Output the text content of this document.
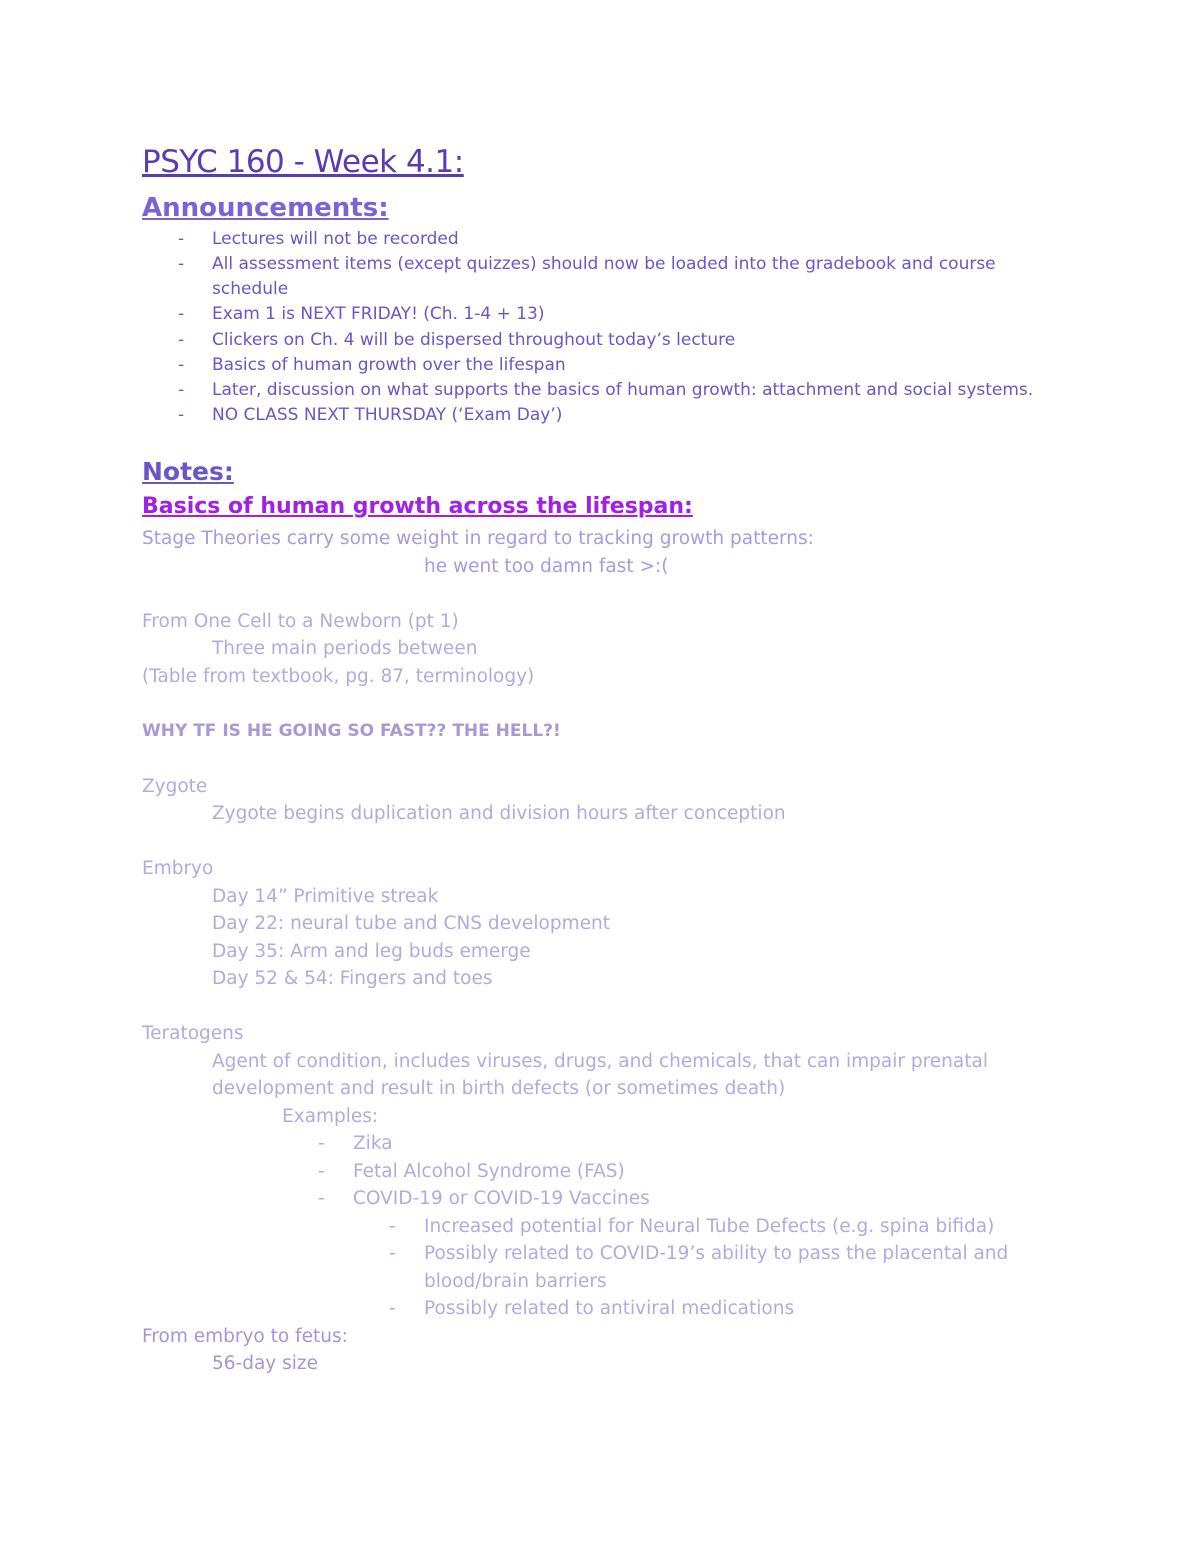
PSYC 160 - Week 4.1:
Announcements:
- Lectures will not be recorded
- All assessment items (except quizzes) should now be loaded into the gradebook and course schedule
- Exam 1 is NEXT FRIDAY! (Ch. 1-4 + 13)
- Clickers on Ch. 4 will be dispersed throughout today’s lecture
- Basics of human growth over the lifespan
- Later, discussion on what supports the basics of human growth: attachment and social systems.
- NO CLASS NEXT THURSDAY (‘Exam Day’)
Notes:
Basics of human growth across the lifespan:
Stage Theories carry some weight in regard to tracking growth patterns:
he went too damn fast >:(
From One Cell to a Newborn (pt 1)
Three main periods between
(Table from textbook, pg. 87, terminology)
WHY TF IS HE GOING SO FAST?? THE HELL?!
Zygote
Zygote begins duplication and division hours after conception
Embryo
Day 14” Primitive streak
Day 22: neural tube and CNS development
Day 35: Arm and leg buds emerge
Day 52 & 54: Fingers and toes
Teratogens
Agent of condition, includes viruses, drugs, and chemicals, that can impair prenatal development and result in birth defects (or sometimes death)
Examples:
- Zika
- Fetal Alcohol Syndrome (FAS)
- COVID-19 or COVID-19 Vaccines
- Increased potential for Neural Tube Defects (e.g. spina bifida)
- Possibly related to COVID-19’s ability to pass the placental and blood/brain barriers
- Possibly related to antiviral medications
From embryo to fetus:
56-day size
